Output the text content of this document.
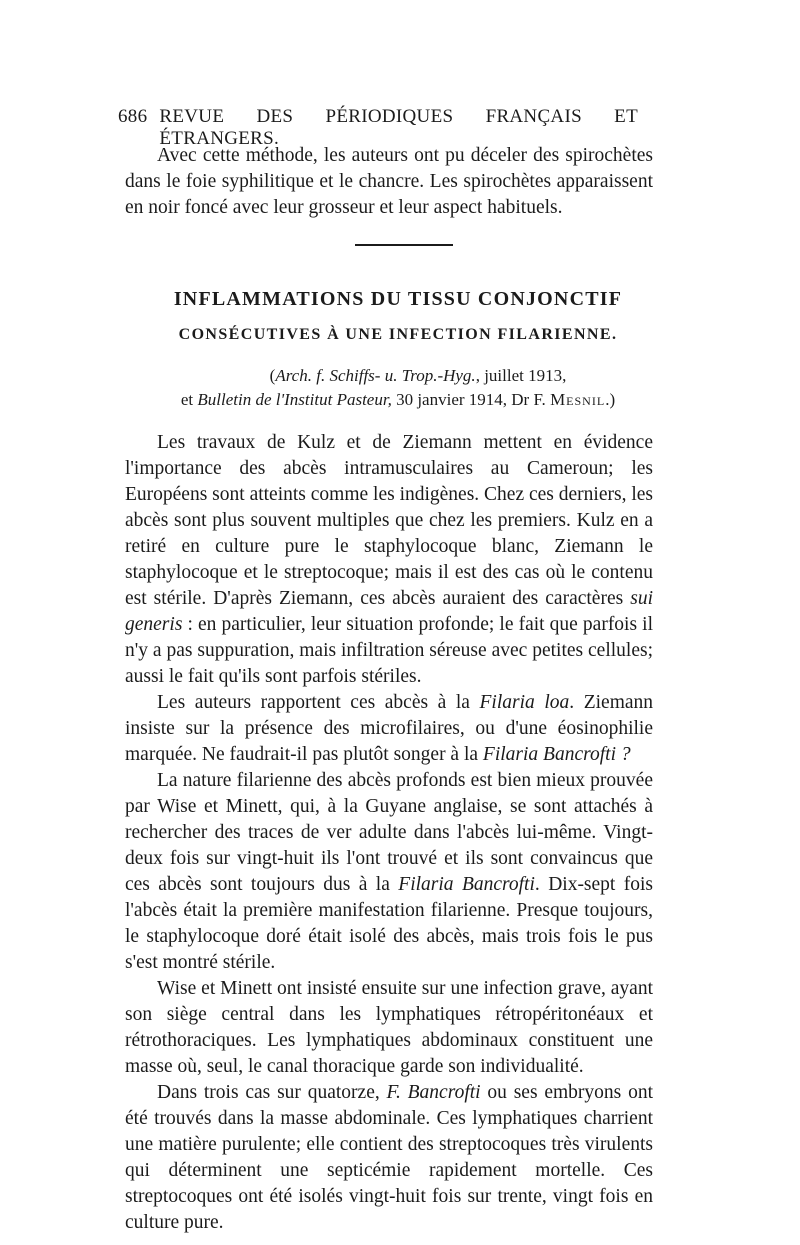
686 REVUE DES PÉRIODIQUES FRANÇAIS ET ÉTRANGERS.

Avec cette méthode, les auteurs ont pu déceler des spirochètes dans le foie syphilitique et le chancre. Les spirochètes apparaissent en noir foncé avec leur grosseur et leur aspect habituels.

INFLAMMATIONS DU TISSU CONJONCTIF
CONSÉCUTIVES À UNE INFECTION FILARIENNE.
(Arch. f. Schiffs- u. Trop.-Hyg., juillet 1913,
et Bulletin de l'Institut Pasteur, 30 janvier 1914, Dr F. Mesnil.)

Les travaux de Kulz et de Ziemann mettent en évidence l'importance des abcès intramusculaires au Cameroun; les Européens sont atteints comme les indigènes. Chez ces derniers, les abcès sont plus souvent multiples que chez les premiers. Kulz en a retiré en culture pure le staphylocoque blanc, Ziemann le staphylocoque et le streptocoque; mais il est des cas où le contenu est stérile. D'après Ziemann, ces abcès auraient des caractères sui generis : en particulier, leur situation profonde; le fait que parfois il n'y a pas suppuration, mais infiltration séreuse avec petites cellules; aussi le fait qu'ils sont parfois stériles.

Les auteurs rapportent ces abcès à la Filaria loa. Ziemann insiste sur la présence des microfilaires, ou d'une éosinophilie marquée. Ne faudrait-il pas plutôt songer à la Filaria Bancrofti ?

La nature filarienne des abcès profonds est bien mieux prouvée par Wise et Minett, qui, à la Guyane anglaise, se sont attachés à rechercher des traces de ver adulte dans l'abcès lui-même. Vingt-deux fois sur vingt-huit ils l'ont trouvé et ils sont convaincus que ces abcès sont toujours dus à la Filaria Bancrofti. Dix-sept fois l'abcès était la première manifestation filarienne. Presque toujours, le staphylocoque doré était isolé des abcès, mais trois fois le pus s'est montré stérile.

Wise et Minett ont insisté ensuite sur une infection grave, ayant son siège central dans les lymphatiques rétropéritonéaux et rétrothoraciques. Les lymphatiques abdominaux constituent une masse où, seul, le canal thoracique garde son individualité.

Dans trois cas sur quatorze, F. Bancrofti ou ses embryons ont été trouvés dans la masse abdominale. Ces lymphatiques charrient une matière purulente; elle contient des streptocoques très virulents qui déterminent une septicémie rapidement mortelle. Ces streptocoques ont été isolés vingt-huit fois sur trente, vingt fois en culture pure.
